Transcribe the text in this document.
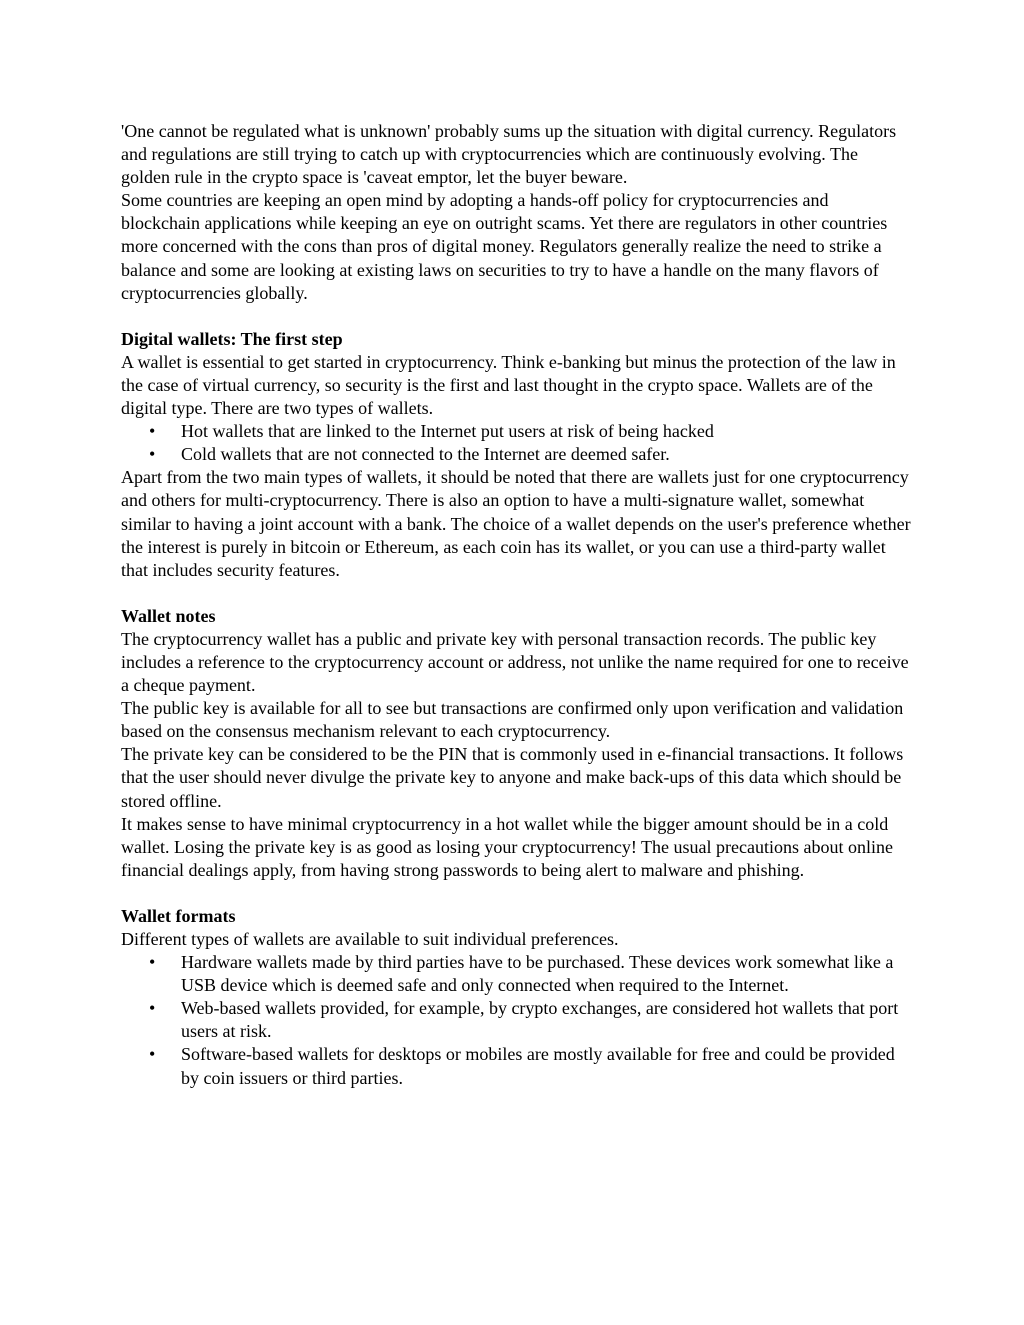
'One cannot be regulated what is unknown' probably sums up the situation with digital currency. Regulators and regulations are still trying to catch up with cryptocurrencies which are continuously evolving. The golden rule in the crypto space is 'caveat emptor, let the buyer beware.

Some countries are keeping an open mind by adopting a hands-off policy for cryptocurrencies and blockchain applications while keeping an eye on outright scams. Yet there are regulators in other countries more concerned with the cons than pros of digital money. Regulators generally realize the need to strike a balance and some are looking at existing laws on securities to try to have a handle on the many flavors of cryptocurrencies globally.

Digital wallets: The first step

A wallet is essential to get started in cryptocurrency. Think e-banking but minus the protection of the law in the case of virtual currency, so security is the first and last thought in the crypto space. Wallets are of the digital type. There are two types of wallets.

• Hot wallets that are linked to the Internet put users at risk of being hacked
• Cold wallets that are not connected to the Internet are deemed safer.

Apart from the two main types of wallets, it should be noted that there are wallets just for one cryptocurrency and others for multi-cryptocurrency. There is also an option to have a multi-signature wallet, somewhat similar to having a joint account with a bank. The choice of a wallet depends on the user's preference whether the interest is purely in bitcoin or Ethereum, as each coin has its wallet, or you can use a third-party wallet that includes security features.

Wallet notes

The cryptocurrency wallet has a public and private key with personal transaction records. The public key includes a reference to the cryptocurrency account or address, not unlike the name required for one to receive a cheque payment.

The public key is available for all to see but transactions are confirmed only upon verification and validation based on the consensus mechanism relevant to each cryptocurrency.

The private key can be considered to be the PIN that is commonly used in e-financial transactions. It follows that the user should never divulge the private key to anyone and make back-ups of this data which should be stored offline.

It makes sense to have minimal cryptocurrency in a hot wallet while the bigger amount should be in a cold wallet. Losing the private key is as good as losing your cryptocurrency! The usual precautions about online financial dealings apply, from having strong passwords to being alert to malware and phishing.

Wallet formats

Different types of wallets are available to suit individual preferences.

• Hardware wallets made by third parties have to be purchased. These devices work somewhat like a USB device which is deemed safe and only connected when required to the Internet.
• Web-based wallets provided, for example, by crypto exchanges, are considered hot wallets that port users at risk.
• Software-based wallets for desktops or mobiles are mostly available for free and could be provided by coin issuers or third parties.
